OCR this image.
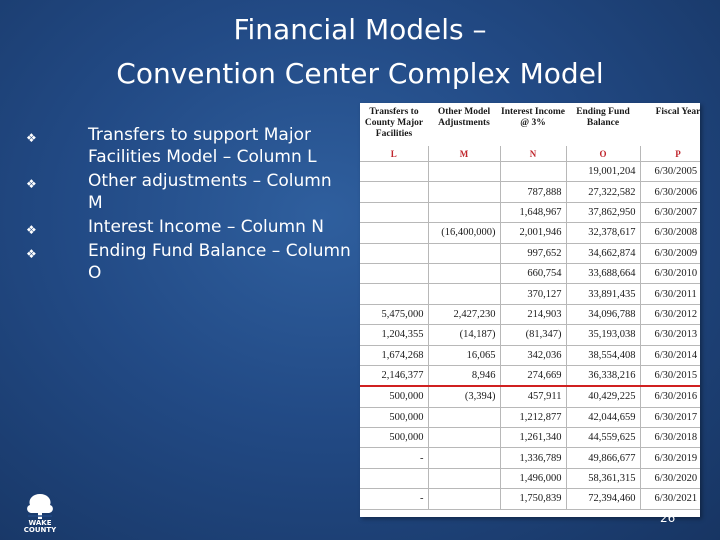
Financial Models –
Convention Center Complex Model
❖	Transfers to support Major Facilities Model – Column L
❖	Other adjustments – Column M
❖	Interest Income – Column N
❖	Ending Fund Balance – Column O
Transfers to County Major Facilities	Other Model Adjustments	Interest Income @ 3%	Ending Fund Balance	Fiscal Year
L	M	N	O	P
			19,001,204	6/30/2005
		787,888	27,322,582	6/30/2006
		1,648,967	37,862,950	6/30/2007
	(16,400,000)	2,001,946	32,378,617	6/30/2008
		997,652	34,662,874	6/30/2009
		660,754	33,688,664	6/30/2010
		370,127	33,891,435	6/30/2011
5,475,000	2,427,230	214,903	34,096,788	6/30/2012
1,204,355	(14,187)	(81,347)	35,193,038	6/30/2013
1,674,268	16,065	342,036	38,554,408	6/30/2014
2,146,377	8,946	274,669	36,338,216	6/30/2015
500,000	(3,394)	457,911	40,429,225	6/30/2016
500,000		1,212,877	42,044,659	6/30/2017
500,000		1,261,340	44,559,625	6/30/2018
-		1,336,789	49,866,677	6/30/2019
		1,496,000	58,361,315	6/30/2020
-		1,750,839	72,394,460	6/30/2021
WAKE
COUNTY
26
